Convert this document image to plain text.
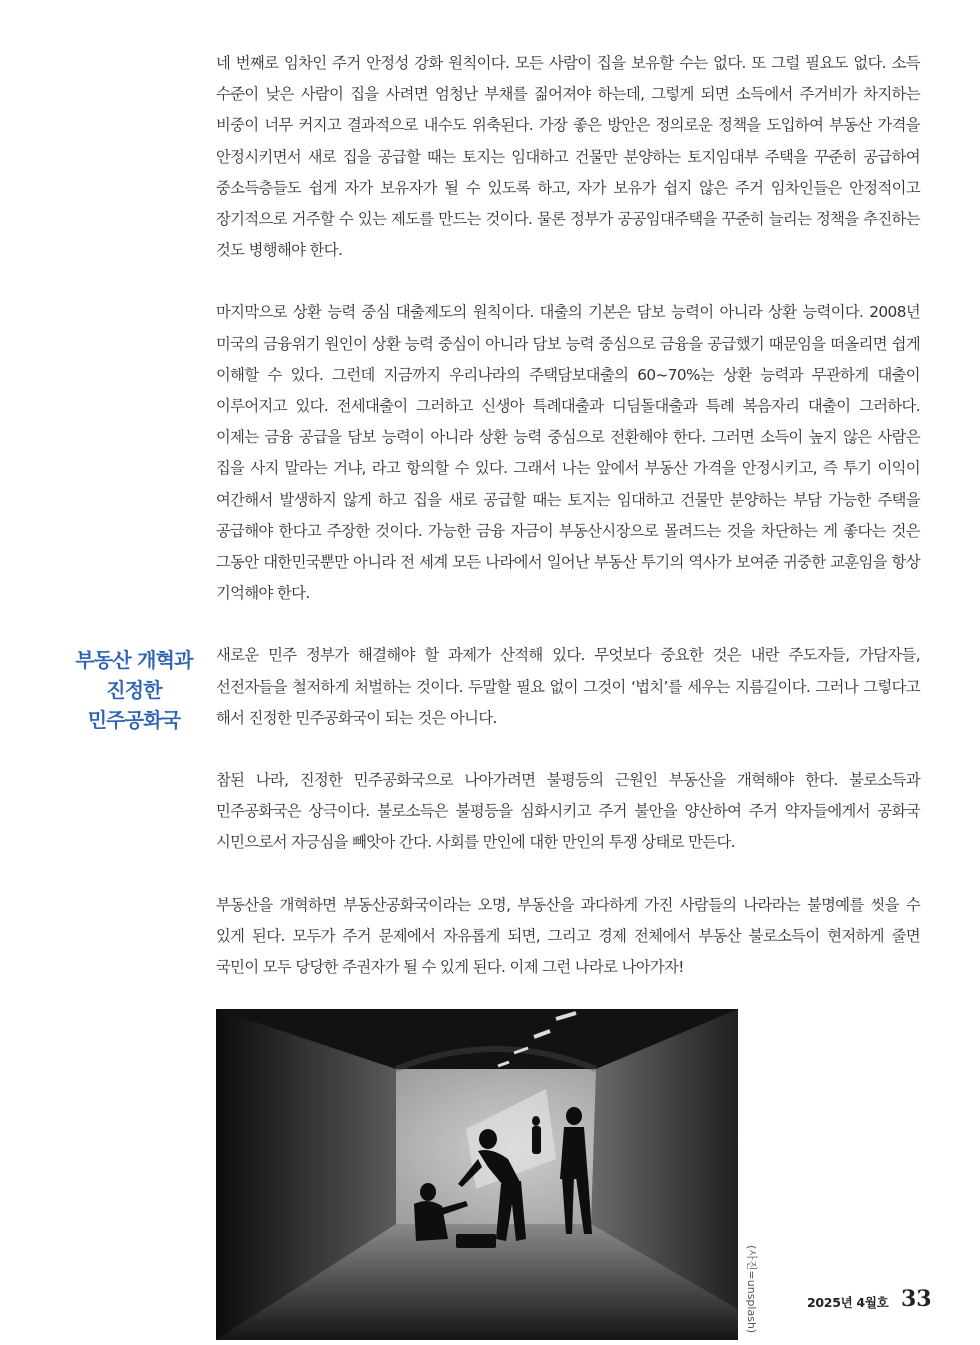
네 번째로 임차인 주거 안정성 강화 원칙이다. 모든 사람이 집을 보유할 수는 없다. 또 그럴 필요도 없다. 소득 수준이 낮은 사람이 집을 사려면 엄청난 부채를 짊어져야 하는데, 그렇게 되면 소득에서 주거비가 차지하는 비중이 너무 커지고 결과적으로 내수도 위축된다. 가장 좋은 방안은 정의로운 정책을 도입하여 부동산 가격을 안정시키면서 새로 집을 공급할 때는 토지는 임대하고 건물만 분양하는 토지임대부 주택을 꾸준히 공급하여 중소득층들도 쉽게 자가 보유자가 될 수 있도록 하고, 자가 보유가 쉽지 않은 주거 임차인들은 안정적이고 장기적으로 거주할 수 있는 제도를 만드는 것이다. 물론 정부가 공공임대주택을 꾸준히 늘리는 정책을 추진하는 것도 병행해야 한다.

마지막으로 상환 능력 중심 대출제도의 원칙이다. 대출의 기본은 담보 능력이 아니라 상환 능력이다. 2008년 미국의 금융위기 원인이 상환 능력 중심이 아니라 담보 능력 중심으로 금융을 공급했기 때문임을 떠올리면 쉽게 이해할 수 있다. 그런데 지금까지 우리나라의 주택담보대출의 60~70%는 상환 능력과 무관하게 대출이 이루어지고 있다. 전세대출이 그러하고 신생아 특례대출과 디딤돌대출과 특례 복음자리 대출이 그러하다. 이제는 금융 공급을 담보 능력이 아니라 상환 능력 중심으로 전환해야 한다. 그러면 소득이 높지 않은 사람은 집을 사지 말라는 거냐, 라고 항의할 수 있다. 그래서 나는 앞에서 부동산 가격을 안정시키고, 즉 투기 이익이 여간해서 발생하지 않게 하고 집을 새로 공급할 때는 토지는 임대하고 건물만 분양하는 부담 가능한 주택을 공급해야 한다고 주장한 것이다. 가능한 금융 자금이 부동산시장으로 몰려드는 것을 차단하는 게 좋다는 것은 그동안 대한민국뿐만 아니라 전 세계 모든 나라에서 일어난 부동산 투기의 역사가 보여준 귀중한 교훈임을 항상 기억해야 한다.

새로운 민주 정부가 해결해야 할 과제가 산적해 있다. 무엇보다 중요한 것은 내란 주도자들, 가담자들, 선전자들을 철저하게 처벌하는 것이다. 두말할 필요 없이 그것이 ‘법치’를 세우는 지름길이다. 그러나 그렇다고 해서 진정한 민주공화국이 되는 것은 아니다.

참된 나라, 진정한 민주공화국으로 나아가려면 불평등의 근원인 부동산을 개혁해야 한다. 불로소득과 민주공화국은 상극이다. 불로소득은 불평등을 심화시키고 주거 불안을 양산하여 주거 약자들에게서 공화국 시민으로서 자긍심을 빼앗아 간다. 사회를 만인에 대한 만인의 투쟁 상태로 만든다.

부동산을 개혁하면 부동산공화국이라는 오명, 부동산을 과다하게 가진 사람들의 나라라는 불명예를 씻을 수 있게 된다. 모두가 주거 문제에서 자유롭게 되면, 그리고 경제 전체에서 부동산 불로소득이 현저하게 줄면 국민이 모두 당당한 주권자가 될 수 있게 된다. 이제 그런 나라로 나아가자!

부동산 개혁과
진정한
민주공화국
(사진=unsplash)	2025년 4월호 33
